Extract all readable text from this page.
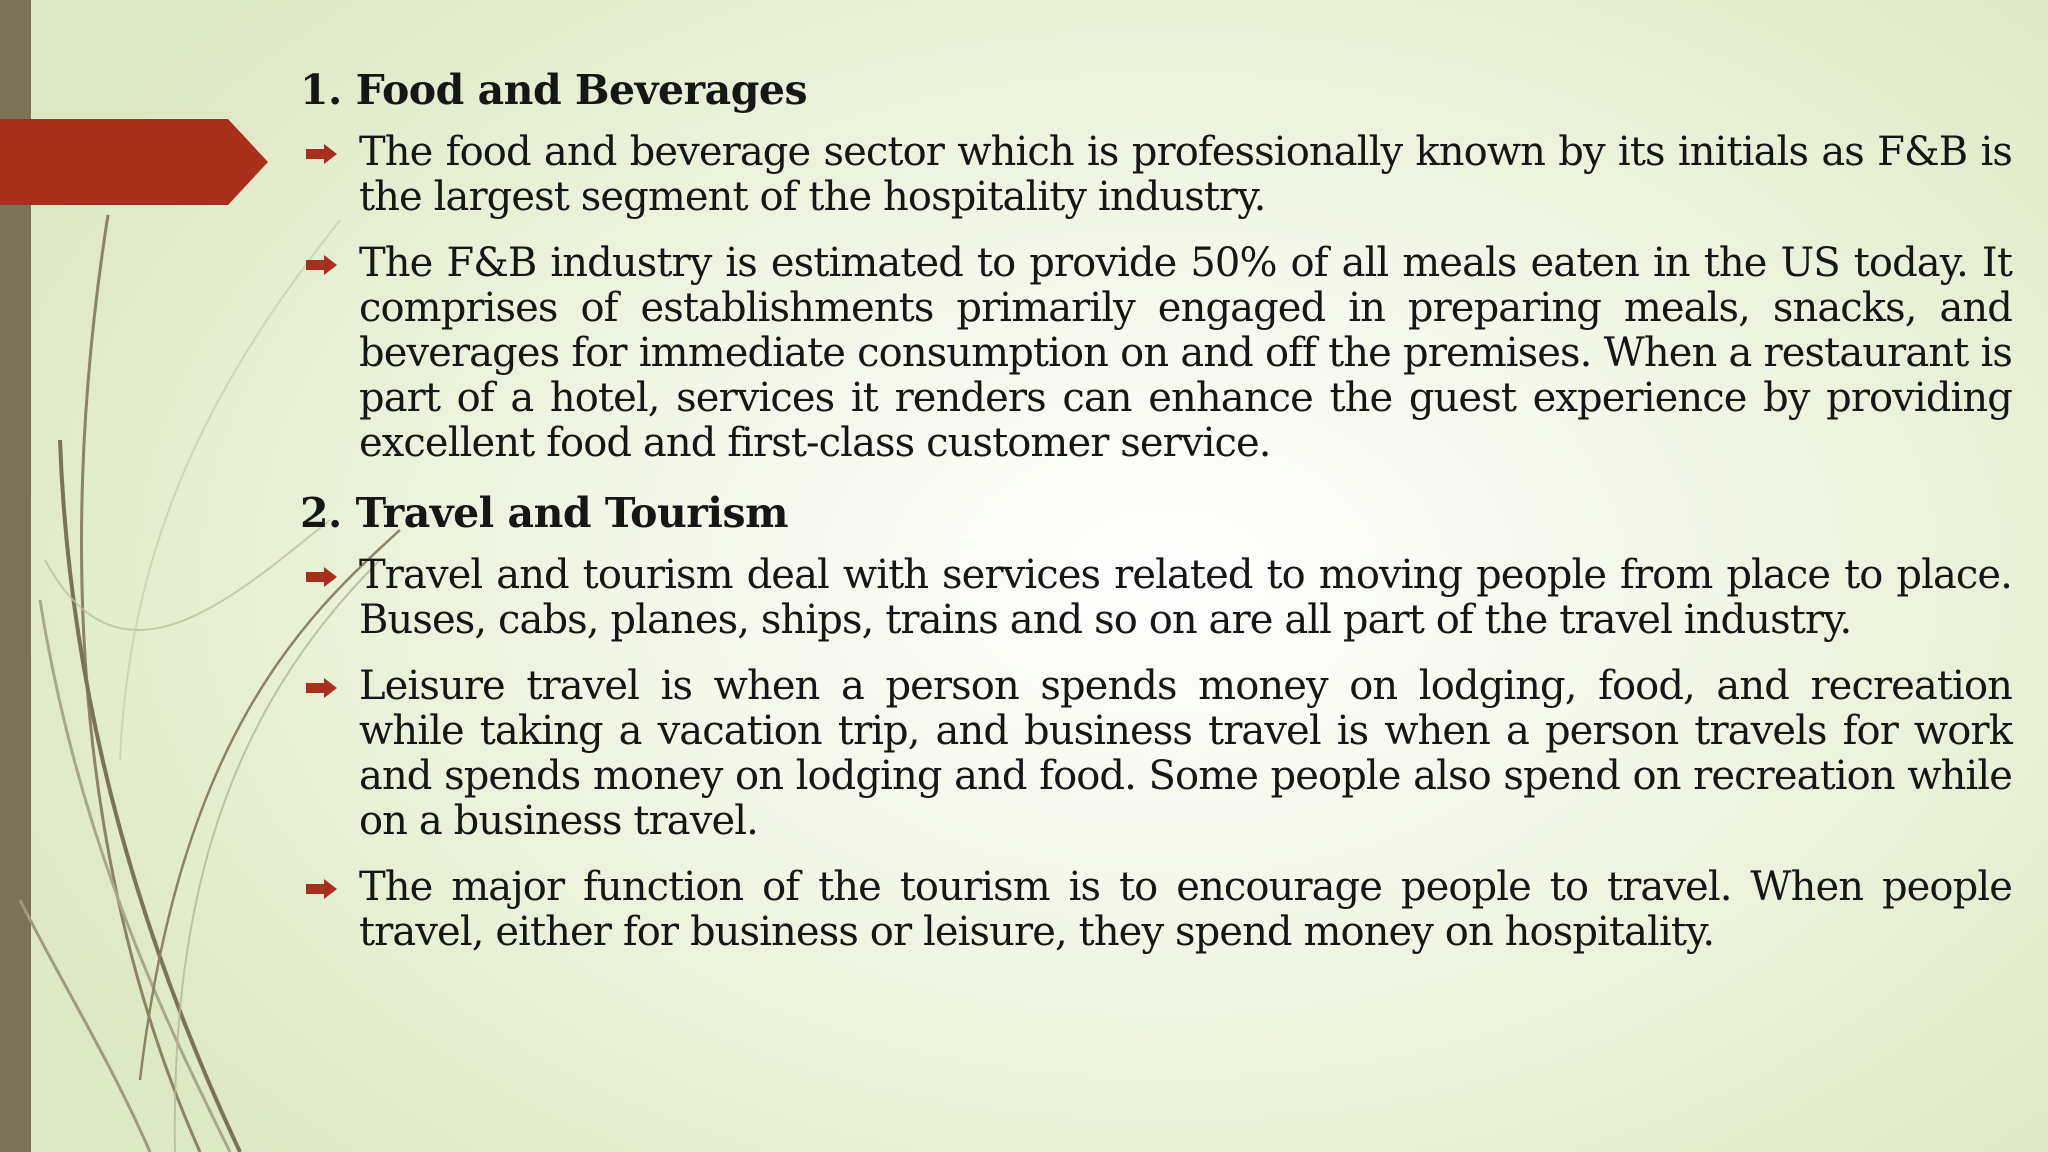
1. Food and Beverages
The food and beverage sector which is professionally known by its initials as F&B is the largest segment of the hospitality industry.
The F&B industry is estimated to provide 50% of all meals eaten in the US today. It comprises of establishments primarily engaged in preparing meals, snacks, and beverages for immediate consumption on and off the premises. When a restaurant is part of a hotel, services it renders can enhance the guest experience by providing excellent food and first-class customer service.
2. Travel and Tourism
Travel and tourism deal with services related to moving people from place to place. Buses, cabs, planes, ships, trains and so on are all part of the travel industry.
Leisure travel is when a person spends money on lodging, food, and recreation while taking a vacation trip, and business travel is when a person travels for work and spends money on lodging and food. Some people also spend on recreation while on a business travel.
The major function of the tourism is to encourage people to travel. When people travel, either for business or leisure, they spend money on hospitality.
